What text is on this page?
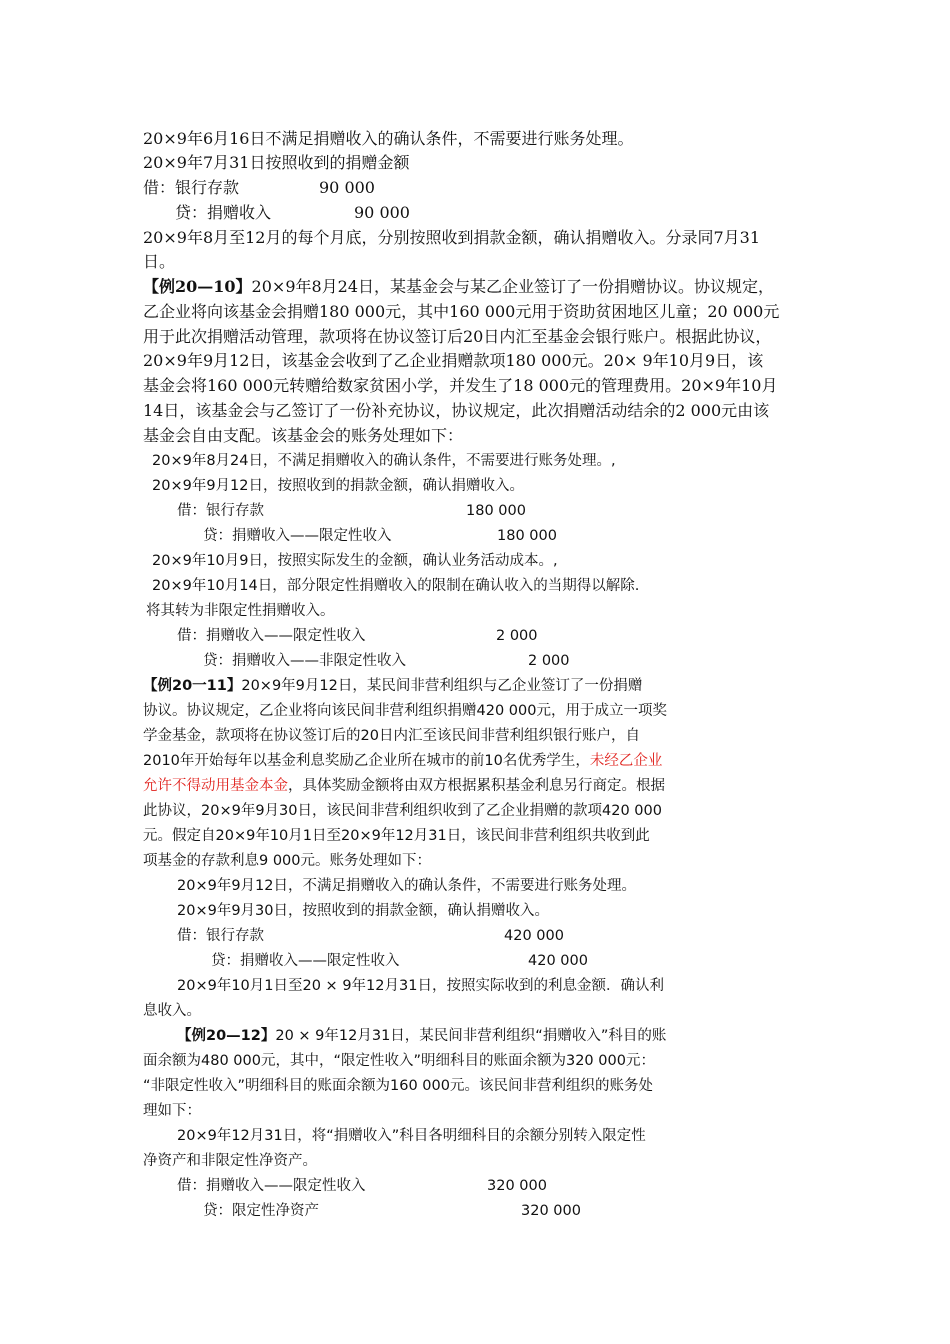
20×9年6月16日不满足捐赠收入的确认条件，不需要进行账务处理。
20×9年7月31日按照收到的捐赠金额
借：银行存款	90 000
贷：捐赠收入	90 000
20×9年8月至12月的每个月底，分别按照收到捐款金额，确认捐赠收入。分录同7月31
日。
【例20—10】20×9年8月24日，某基金会与某乙企业签订了一份捐赠协议。协议规定，
乙企业将向该基金会捐赠180 000元，其中160 000元用于资助贫困地区儿童；20 000元
用于此次捐赠活动管理，款项将在协议签订后20日内汇至基金会银行账户。根据此协议，
20×9年9月12日，该基金会收到了乙企业捐赠款项180 000元。20× 9年10月9日，该
基金会将160 000元转赠给数家贫困小学，并发生了18 000元的管理费用。20×9年10月
14日，该基金会与乙签订了一份补充协议，协议规定，此次捐赠活动结余的2 000元由该
基金会自由支配。该基金会的账务处理如下：
20×9年8月24日，不满足捐赠收入的确认条件，不需要进行账务处理。,
20×9年9月12日，按照收到的捐款金额，确认捐赠收入。
借：银行存款	180 000
贷：捐赠收入——限定性收入	180 000
20×9年10月9日，按照实际发生的金额，确认业务活动成本。,
20×9年10月14日，部分限定性捐赠收入的限制在确认收入的当期得以解除.
将其转为非限定性捐赠收入。
借：捐赠收入——限定性收入	2 000
贷：捐赠收入——非限定性收入	2 000
【例20一11】20×9年9月12日，某民间非营利组织与乙企业签订了一份捐赠
协议。协议规定，乙企业将向该民间非营利组织捐赠420 000元，用于成立一项奖
学金基金，款项将在协议签订后的20日内汇至该民间非营利组织银行账户，自
2010年开始每年以基金利息奖励乙企业所在城市的前10名优秀学生，未经乙企业
允许不得动用基金本金，具体奖励金额将由双方根据累积基金利息另行商定。根据
此协议，20×9年9月30日，该民间非营利组织收到了乙企业捐赠的款项420 000
元。假定自20×9年10月1日至20×9年12月31日，该民间非营利组织共收到此
项基金的存款利息9 000元。账务处理如下：
20×9年9月12日，不满足捐赠收入的确认条件，不需要进行账务处理。
20×9年9月30日，按照收到的捐款金额，确认捐赠收入。
借：银行存款	420 000
贷：捐赠收入——限定性收入	420 000
20×9年10月1日至20 × 9年12月31日，按照实际收到的利息金额．确认利
息收入。
【例20—12】20 × 9年12月31日，某民间非营利组织“捐赠收入”科目的账
面余额为480 000元，其中，“限定性收入”明细科目的账面余额为320 000元：
“非限定性收入”明细科目的账面余额为160 000元。该民间非营利组织的账务处
理如下：
20×9年12月31日，将“捐赠收入”科目各明细科目的余额分别转入限定性
净资产和非限定性净资产。
借：捐赠收入——限定性收入	320 000
贷：限定性净资产	320 000
